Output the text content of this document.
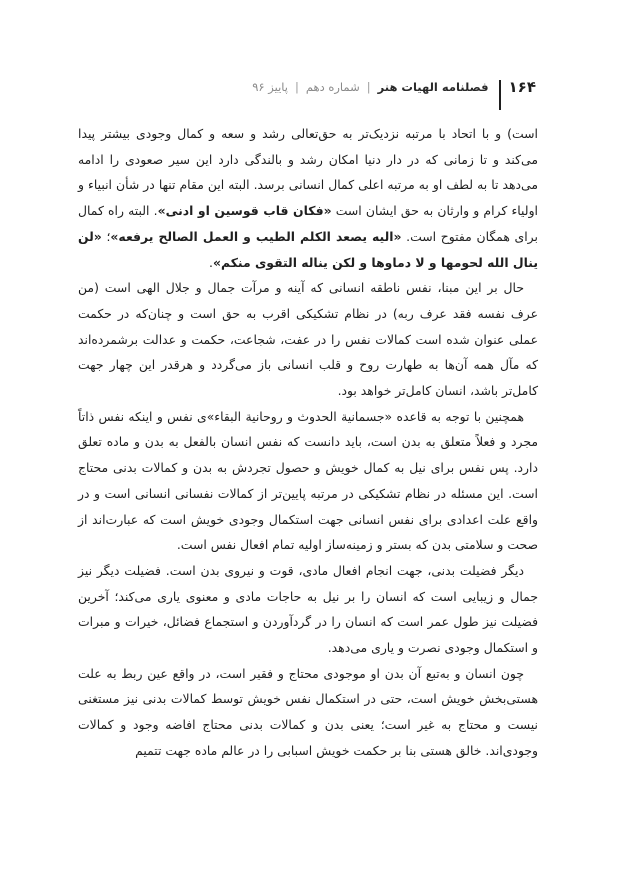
۱۶۴
فصلنامه الهیات هنر
|
شماره دهم
|
پاییز ۹۶

است) و با اتحاد با مرتبه نزدیک‌تر به حق‌تعالی رشد و سعه و کمال وجودی بیشتر پیدا می‌کند و تا زمانی که در دار دنیا امکان رشد و بالندگی دارد این سیر صعودی را ادامه می‌دهد تا به لطف او به مرتبه اعلی کمال انسانی برسد. البته این مقام تنها در شأن انبیاء و اولیاء کرام و وارثان به حق ایشان است «فکان قاب قوسین او ادنی». البته راه کمال برای همگان مفتوح است. «الیه یصعد الکلم الطیب و العمل الصالح یرفعه»؛ «لن ینال الله لحومها و لا دماوها و لکن یناله التقوی منکم».

حال بر این مبنا، نفس ناطقه انسانی که آینه و مرآت جمال و جلال الهی است (من عرف نفسه فقد عرف ربه) در نظام تشکیکی اقرب به حق است و چنان‌که در حکمت عملی عنوان شده است کمالات نفس را در عفت، شجاعت، حکمت و عدالت برشمرده‌اند که مآل همه آن‌ها به طهارت روح و قلب انسانی باز می‌گردد و هرقدر این چهار جهت کامل‌تر باشد، انسان کامل‌تر خواهد بود.

همچنین با توجه به قاعده «جسمانیة الحدوث و روحانیة البقاء»ی نفس و اینکه نفس ذاتاً مجرد و فعلاً متعلق به بدن است، باید دانست که نفس انسان بالفعل به بدن و ماده تعلق دارد. پس نفس برای نیل به کمال خویش و حصول تجردش به بدن و کمالات بدنی محتاج است. این مسئله در نظام تشکیکی در مرتبه پایین‌تر از کمالات نفسانی انسانی است و در واقع علت اعدادی برای نفس انسانی جهت استکمال وجودی خویش است که عبارت‌اند از صحت و سلامتی بدن که بستر و زمینه‌ساز اولیه تمام افعال نفس است.

دیگر فضیلت بدنی، جهت انجام افعال مادی، قوت و نیروی بدن است. فضیلت دیگر نیز جمال و زیبایی است که انسان را بر نیل به حاجات مادی و معنوی یاری می‌کند؛ آخرین فضیلت نیز طول عمر است که انسان را در گردآوردن و استجماع فضائل، خیرات و مبرات و استکمال وجودی نصرت و یاری می‌دهد.

چون انسان و به‌تبع آن بدن او موجودی محتاج و فقیر است، در واقع عین ربط به علت هستی‌بخش خویش است، حتی در استکمال نفس خویش توسط کمالات بدنی نیز مستغنی نیست و محتاج به غیر است؛ یعنی بدن و کمالات بدنی محتاج افاضه وجود و کمالات وجودی‌اند. خالق هستی بنا بر حکمت خویش اسبابی را در عالم ماده جهت تتمیم
